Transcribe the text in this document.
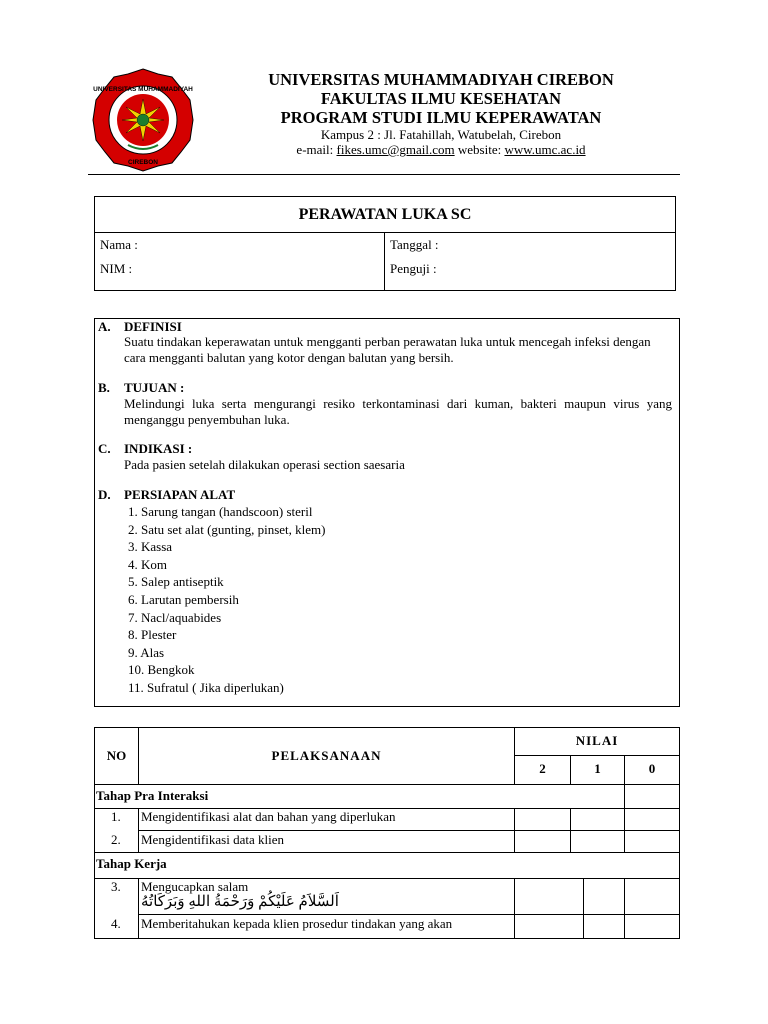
UNIVERSITAS MUHAMMADIYAH
CIREBON
UNIVERSITAS MUHAMMADIYAH CIREBON
FAKULTAS ILMU KESEHATAN
PROGRAM STUDI ILMU KEPERAWATAN
Kampus 2 : Jl. Fatahillah, Watubelah, Cirebon
e-mail: fikes.umc@gmail.com website: www.umc.ac.id
PERAWATAN LUKA SC
Nama :
NIM :
Tanggal :
Penguji :
A. DEFINISI
Suatu tindakan keperawatan untuk mengganti perban perawatan luka untuk mencegah infeksi dengan cara mengganti balutan yang kotor dengan balutan yang bersih.
B. TUJUAN :
Melindungi luka serta mengurangi resiko terkontaminasi dari kuman, bakteri maupun virus yang menganggu penyembuhan luka.
C. INDIKASI :
Pada pasien setelah dilakukan operasi section saesaria
D. PERSIAPAN ALAT
1. Sarung tangan (handscoon) steril
2. Satu set alat (gunting, pinset, klem)
3. Kassa
4. Kom
5. Salep antiseptik
6. Larutan pembersih
7. Nacl/aquabides
8. Plester
9. Alas
10. Bengkok
11. Sufratul ( Jika diperlukan)
NO	PELAKSANAAN
NILAI
2	1	0
Tahap Pra Interaksi
1.	Mengidentifikasi alat dan bahan yang diperlukan
2.	Mengidentifikasi data klien
Tahap Kerja
3.	Mengucapkan salam
اَلسَّلاَمُ عَلَيْكُمْ وَرَحْمَةُ اللهِ وَبَرَكَاتُهُ
4.	Memberitahukan kepada klien prosedur tindakan yang akan
